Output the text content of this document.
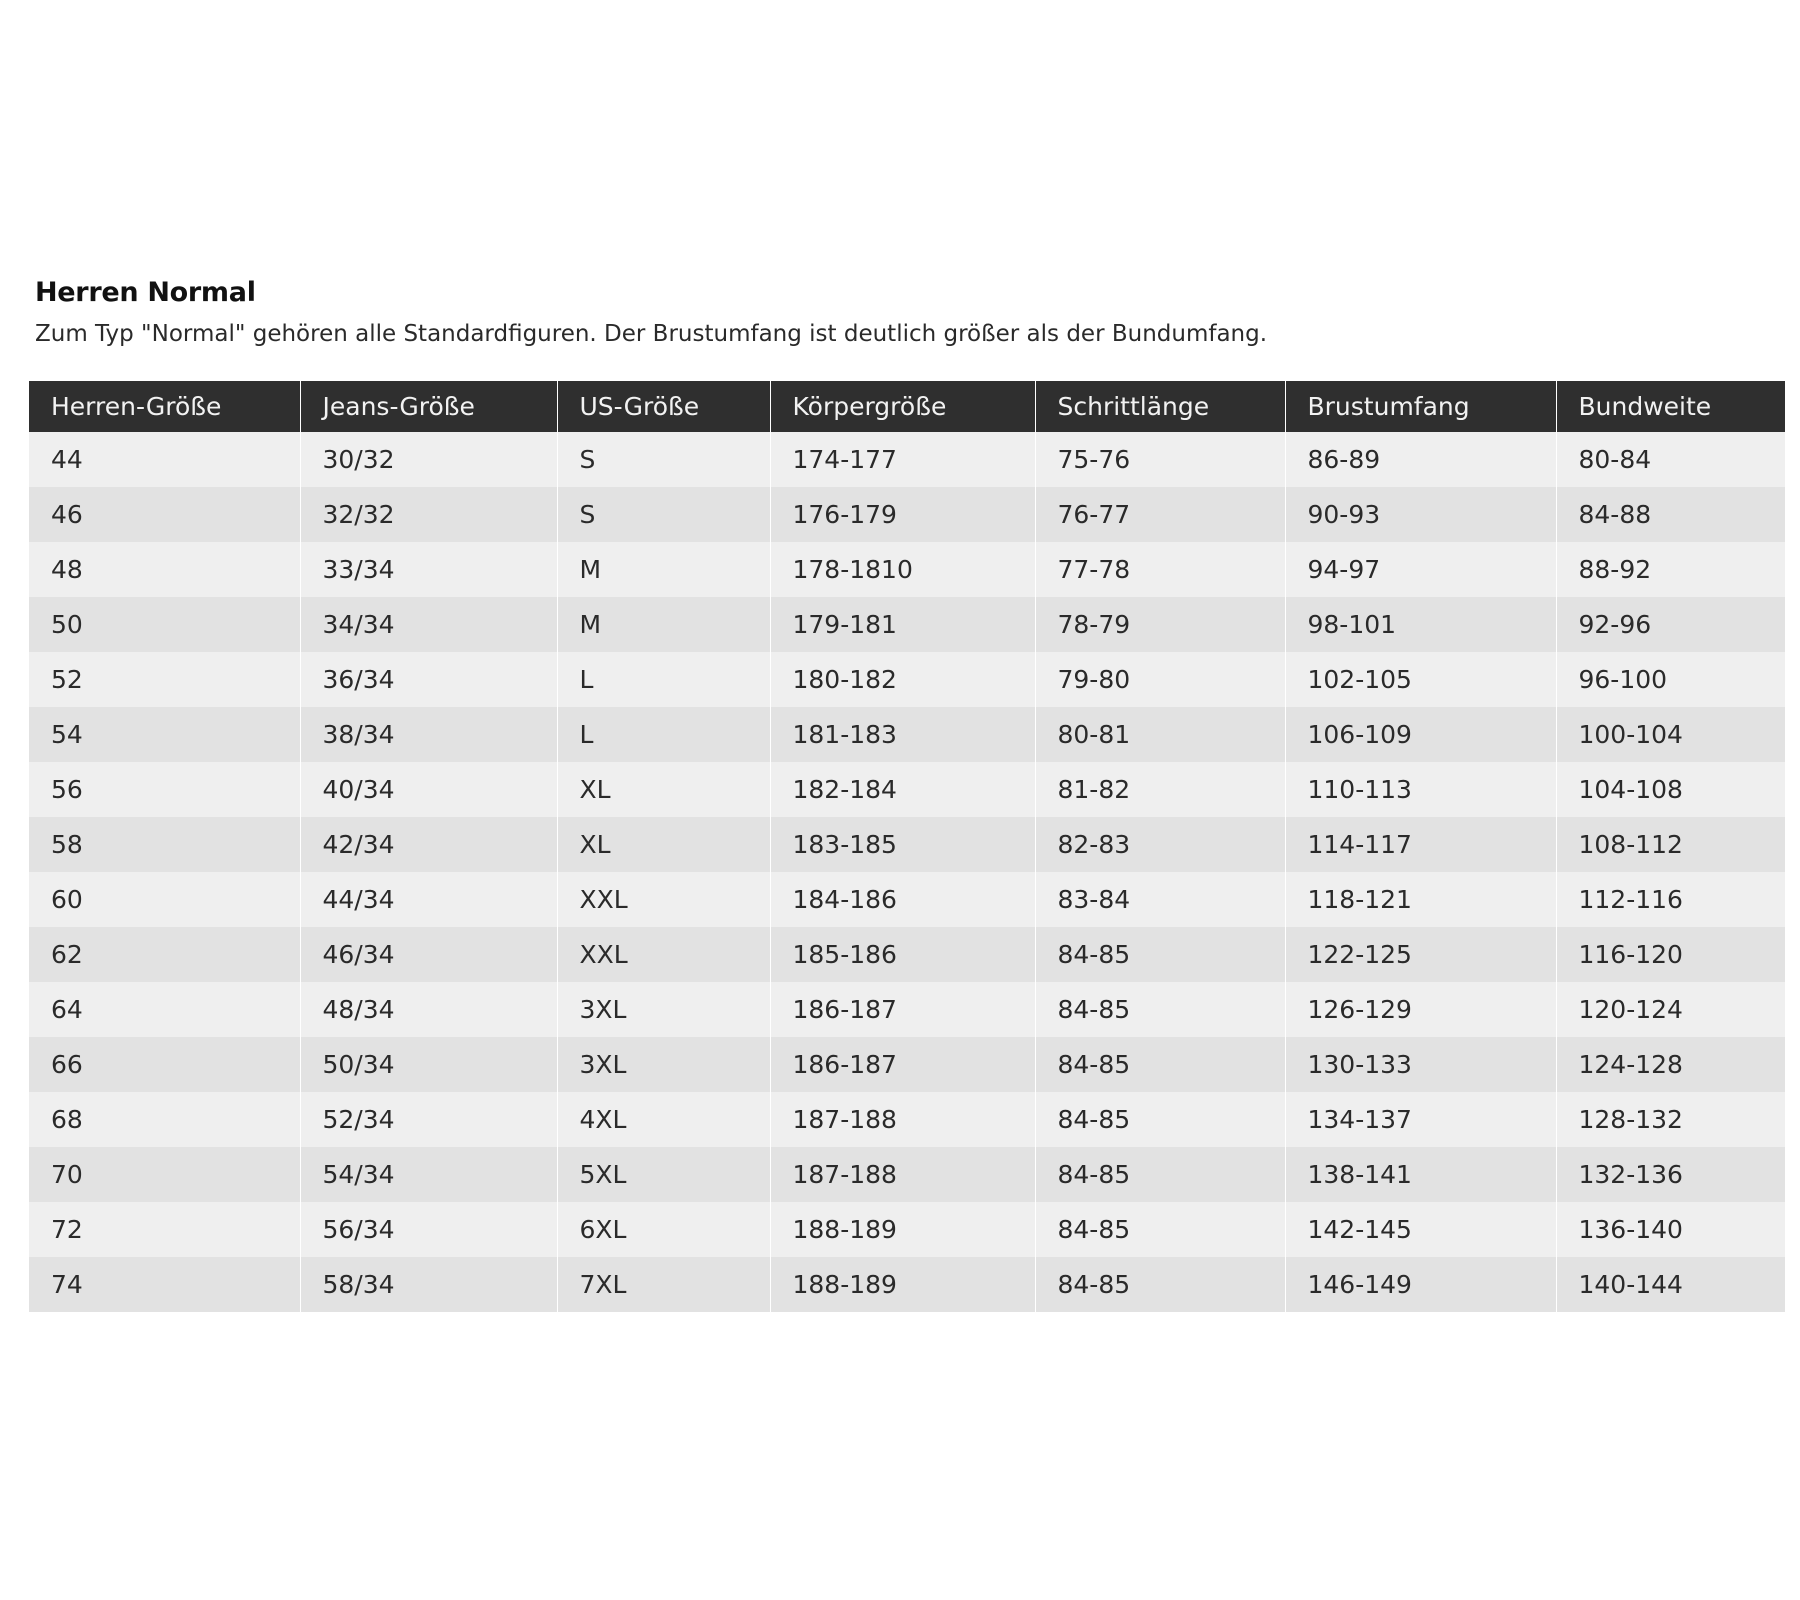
Herren Normal
Zum Typ "Normal" gehören alle Standardfiguren. Der Brustumfang ist deutlich größer als der Bundumfang.
Herren-Größe	Jeans-Größe	US-Größe	Körpergröße	Schrittlänge	Brustumfang	Bundweite
44	30/32	S	174-177	75-76	86-89	80-84
46	32/32	S	176-179	76-77	90-93	84-88
48	33/34	M	178-1810	77-78	94-97	88-92
50	34/34	M	179-181	78-79	98-101	92-96
52	36/34	L	180-182	79-80	102-105	96-100
54	38/34	L	181-183	80-81	106-109	100-104
56	40/34	XL	182-184	81-82	110-113	104-108
58	42/34	XL	183-185	82-83	114-117	108-112
60	44/34	XXL	184-186	83-84	118-121	112-116
62	46/34	XXL	185-186	84-85	122-125	116-120
64	48/34	3XL	186-187	84-85	126-129	120-124
66	50/34	3XL	186-187	84-85	130-133	124-128
68	52/34	4XL	187-188	84-85	134-137	128-132
70	54/34	5XL	187-188	84-85	138-141	132-136
72	56/34	6XL	188-189	84-85	142-145	136-140
74	58/34	7XL	188-189	84-85	146-149	140-144
